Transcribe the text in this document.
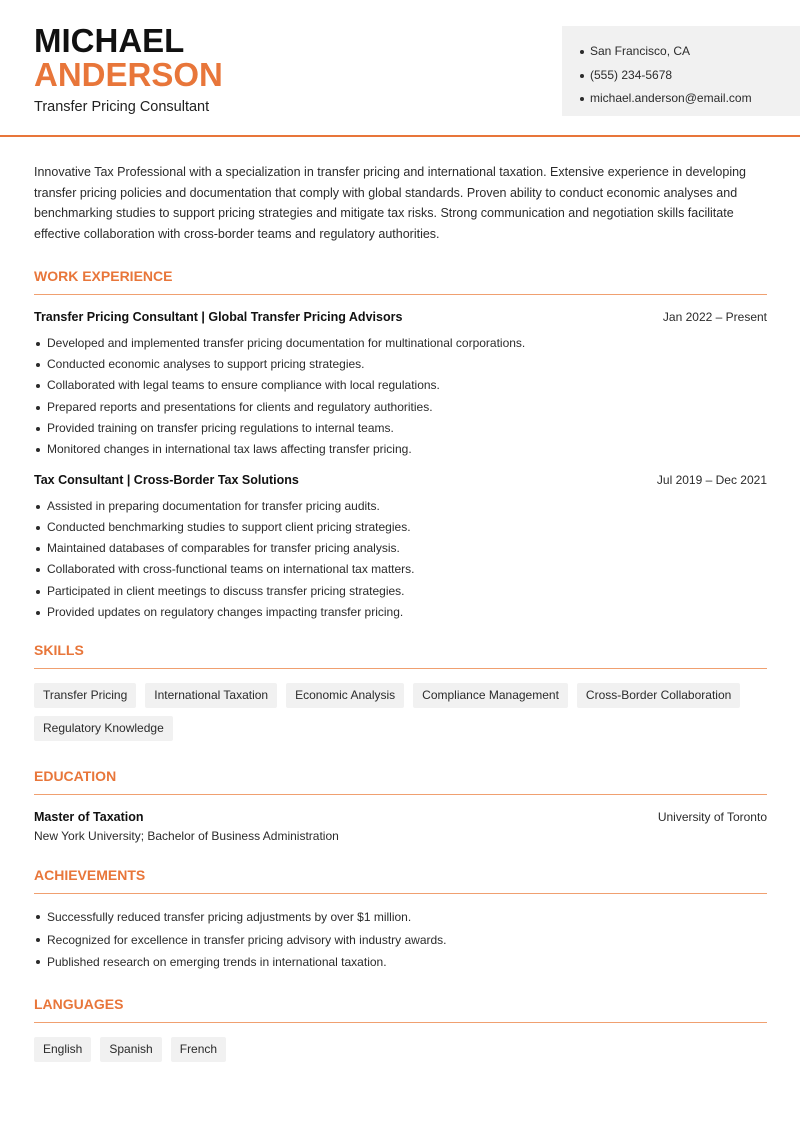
MICHAEL
ANDERSON
Transfer Pricing Consultant
San Francisco, CA
(555) 234-5678
michael.anderson@email.com

Innovative Tax Professional with a specialization in transfer pricing and international taxation. Extensive experience in developing transfer pricing policies and documentation that comply with global standards. Proven ability to conduct economic analyses and benchmarking studies to support pricing strategies and mitigate tax risks. Strong communication and negotiation skills facilitate effective collaboration with cross-border teams and regulatory authorities.

WORK EXPERIENCE
Transfer Pricing Consultant | Global Transfer Pricing Advisors	Jan 2022 – Present
Developed and implemented transfer pricing documentation for multinational corporations.
Conducted economic analyses to support pricing strategies.
Collaborated with legal teams to ensure compliance with local regulations.
Prepared reports and presentations for clients and regulatory authorities.
Provided training on transfer pricing regulations to internal teams.
Monitored changes in international tax laws affecting transfer pricing.
Tax Consultant | Cross-Border Tax Solutions	Jul 2019 – Dec 2021
Assisted in preparing documentation for transfer pricing audits.
Conducted benchmarking studies to support client pricing strategies.
Maintained databases of comparables for transfer pricing analysis.
Collaborated with cross-functional teams on international tax matters.
Participated in client meetings to discuss transfer pricing strategies.
Provided updates on regulatory changes impacting transfer pricing.
SKILLS
Transfer Pricing	International Taxation	Economic Analysis	Compliance Management	Cross-Border Collaboration
Regulatory Knowledge
EDUCATION
Master of Taxation	University of Toronto
New York University; Bachelor of Business Administration
ACHIEVEMENTS
Successfully reduced transfer pricing adjustments by over $1 million.
Recognized for excellence in transfer pricing advisory with industry awards.
Published research on emerging trends in international taxation.
LANGUAGES
English	Spanish	French
